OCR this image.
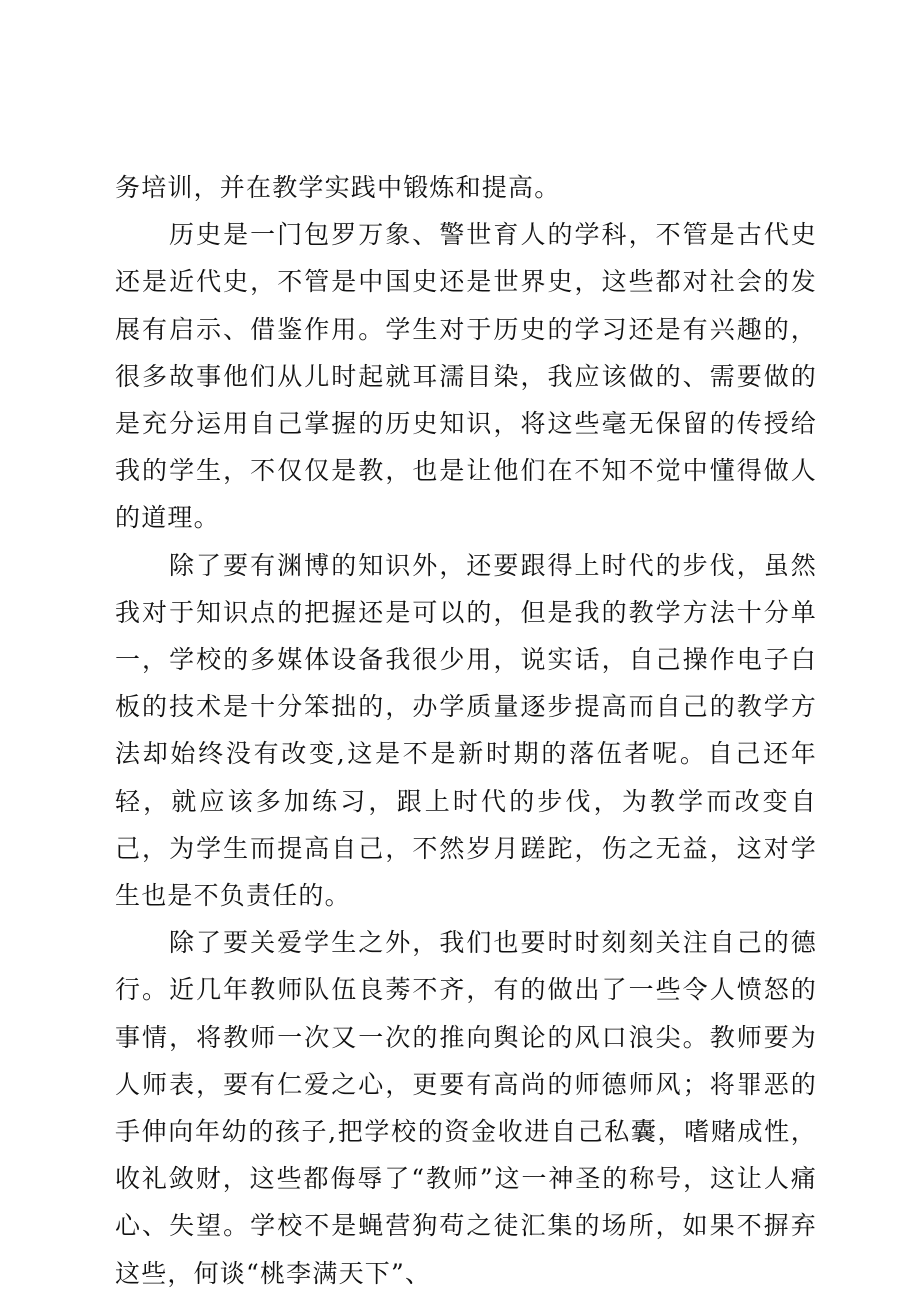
务培训，并在教学实践中锻炼和提高。

历史是一门包罗万象、警世育人的学科，不管是古代史还是近代史，不管是中国史还是世界史，这些都对社会的发展有启示、借鉴作用。学生对于历史的学习还是有兴趣的，很多故事他们从儿时起就耳濡目染，我应该做的、需要做的是充分运用自己掌握的历史知识，将这些毫无保留的传授给我的学生，不仅仅是教，也是让他们在不知不觉中懂得做人的道理。

除了要有渊博的知识外，还要跟得上时代的步伐，虽然我对于知识点的把握还是可以的，但是我的教学方法十分单一，学校的多媒体设备我很少用，说实话，自己操作电子白板的技术是十分笨拙的，办学质量逐步提高而自己的教学方法却始终没有改变,这是不是新时期的落伍者呢。自己还年轻，就应该多加练习，跟上时代的步伐，为教学而改变自己，为学生而提高自己，不然岁月蹉跎，伤之无益，这对学生也是不负责任的。

除了要关爱学生之外，我们也要时时刻刻关注自己的德行。近几年教师队伍良莠不齐，有的做出了一些令人愤怒的事情，将教师一次又一次的推向舆论的风口浪尖。教师要为人师表，要有仁爱之心，更要有高尚的师德师风；将罪恶的手伸向年幼的孩子,把学校的资金收进自己私囊，嗜赌成性，收礼敛财，这些都侮辱了“教师”这一神圣的称号，这让人痛心、失望。学校不是蝇营狗苟之徒汇集的场所，如果不摒弃这些，何谈“桃李满天下”、
